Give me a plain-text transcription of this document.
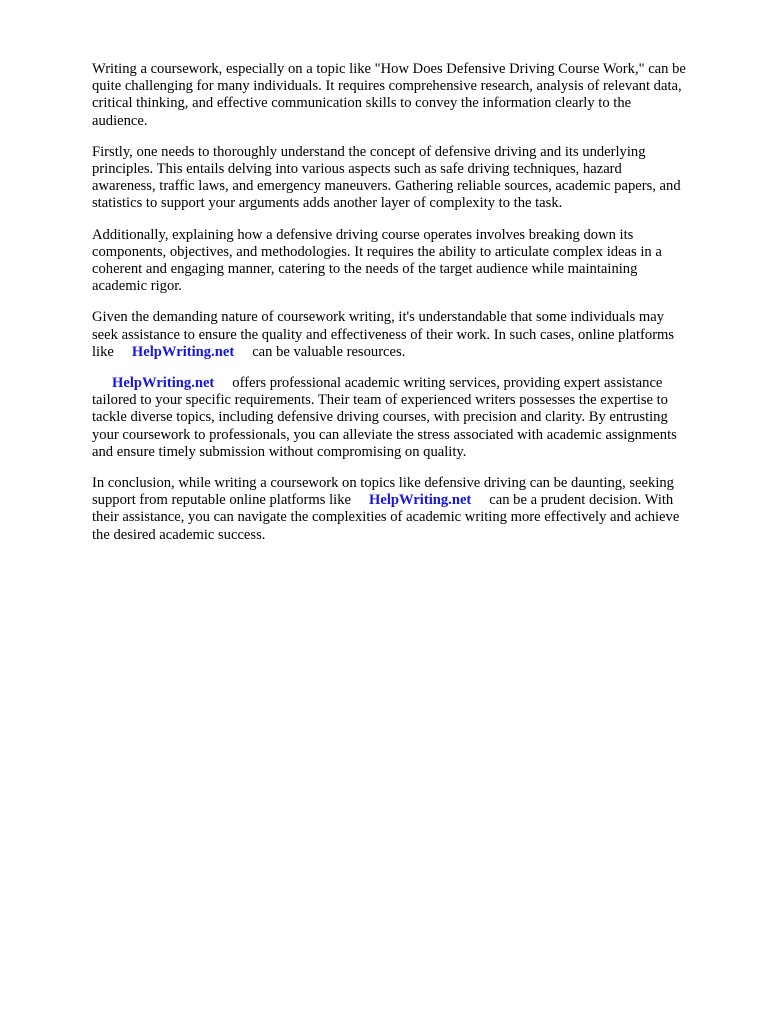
Writing a coursework, especially on a topic like "How Does Defensive Driving Course Work," can be
quite challenging for many individuals. It requires comprehensive research, analysis of relevant data,
critical thinking, and effective communication skills to convey the information clearly to the
audience.

Firstly, one needs to thoroughly understand the concept of defensive driving and its underlying
principles. This entails delving into various aspects such as safe driving techniques, hazard
awareness, traffic laws, and emergency maneuvers. Gathering reliable sources, academic papers, and
statistics to support your arguments adds another layer of complexity to the task.

Additionally, explaining how a defensive driving course operates involves breaking down its
components, objectives, and methodologies. It requires the ability to articulate complex ideas in a
coherent and engaging manner, catering to the needs of the target audience while maintaining
academic rigor.

Given the demanding nature of coursework writing, it's understandable that some individuals may
seek assistance to ensure the quality and effectiveness of their work. In such cases, online platforms
like HelpWriting.net can be valuable resources.

HelpWriting.net offers professional academic writing services, providing expert assistance
tailored to your specific requirements. Their team of experienced writers possesses the expertise to
tackle diverse topics, including defensive driving courses, with precision and clarity. By entrusting
your coursework to professionals, you can alleviate the stress associated with academic assignments
and ensure timely submission without compromising on quality.

In conclusion, while writing a coursework on topics like defensive driving can be daunting, seeking
support from reputable online platforms like HelpWriting.net can be a prudent decision. With
their assistance, you can navigate the complexities of academic writing more effectively and achieve
the desired academic success.
